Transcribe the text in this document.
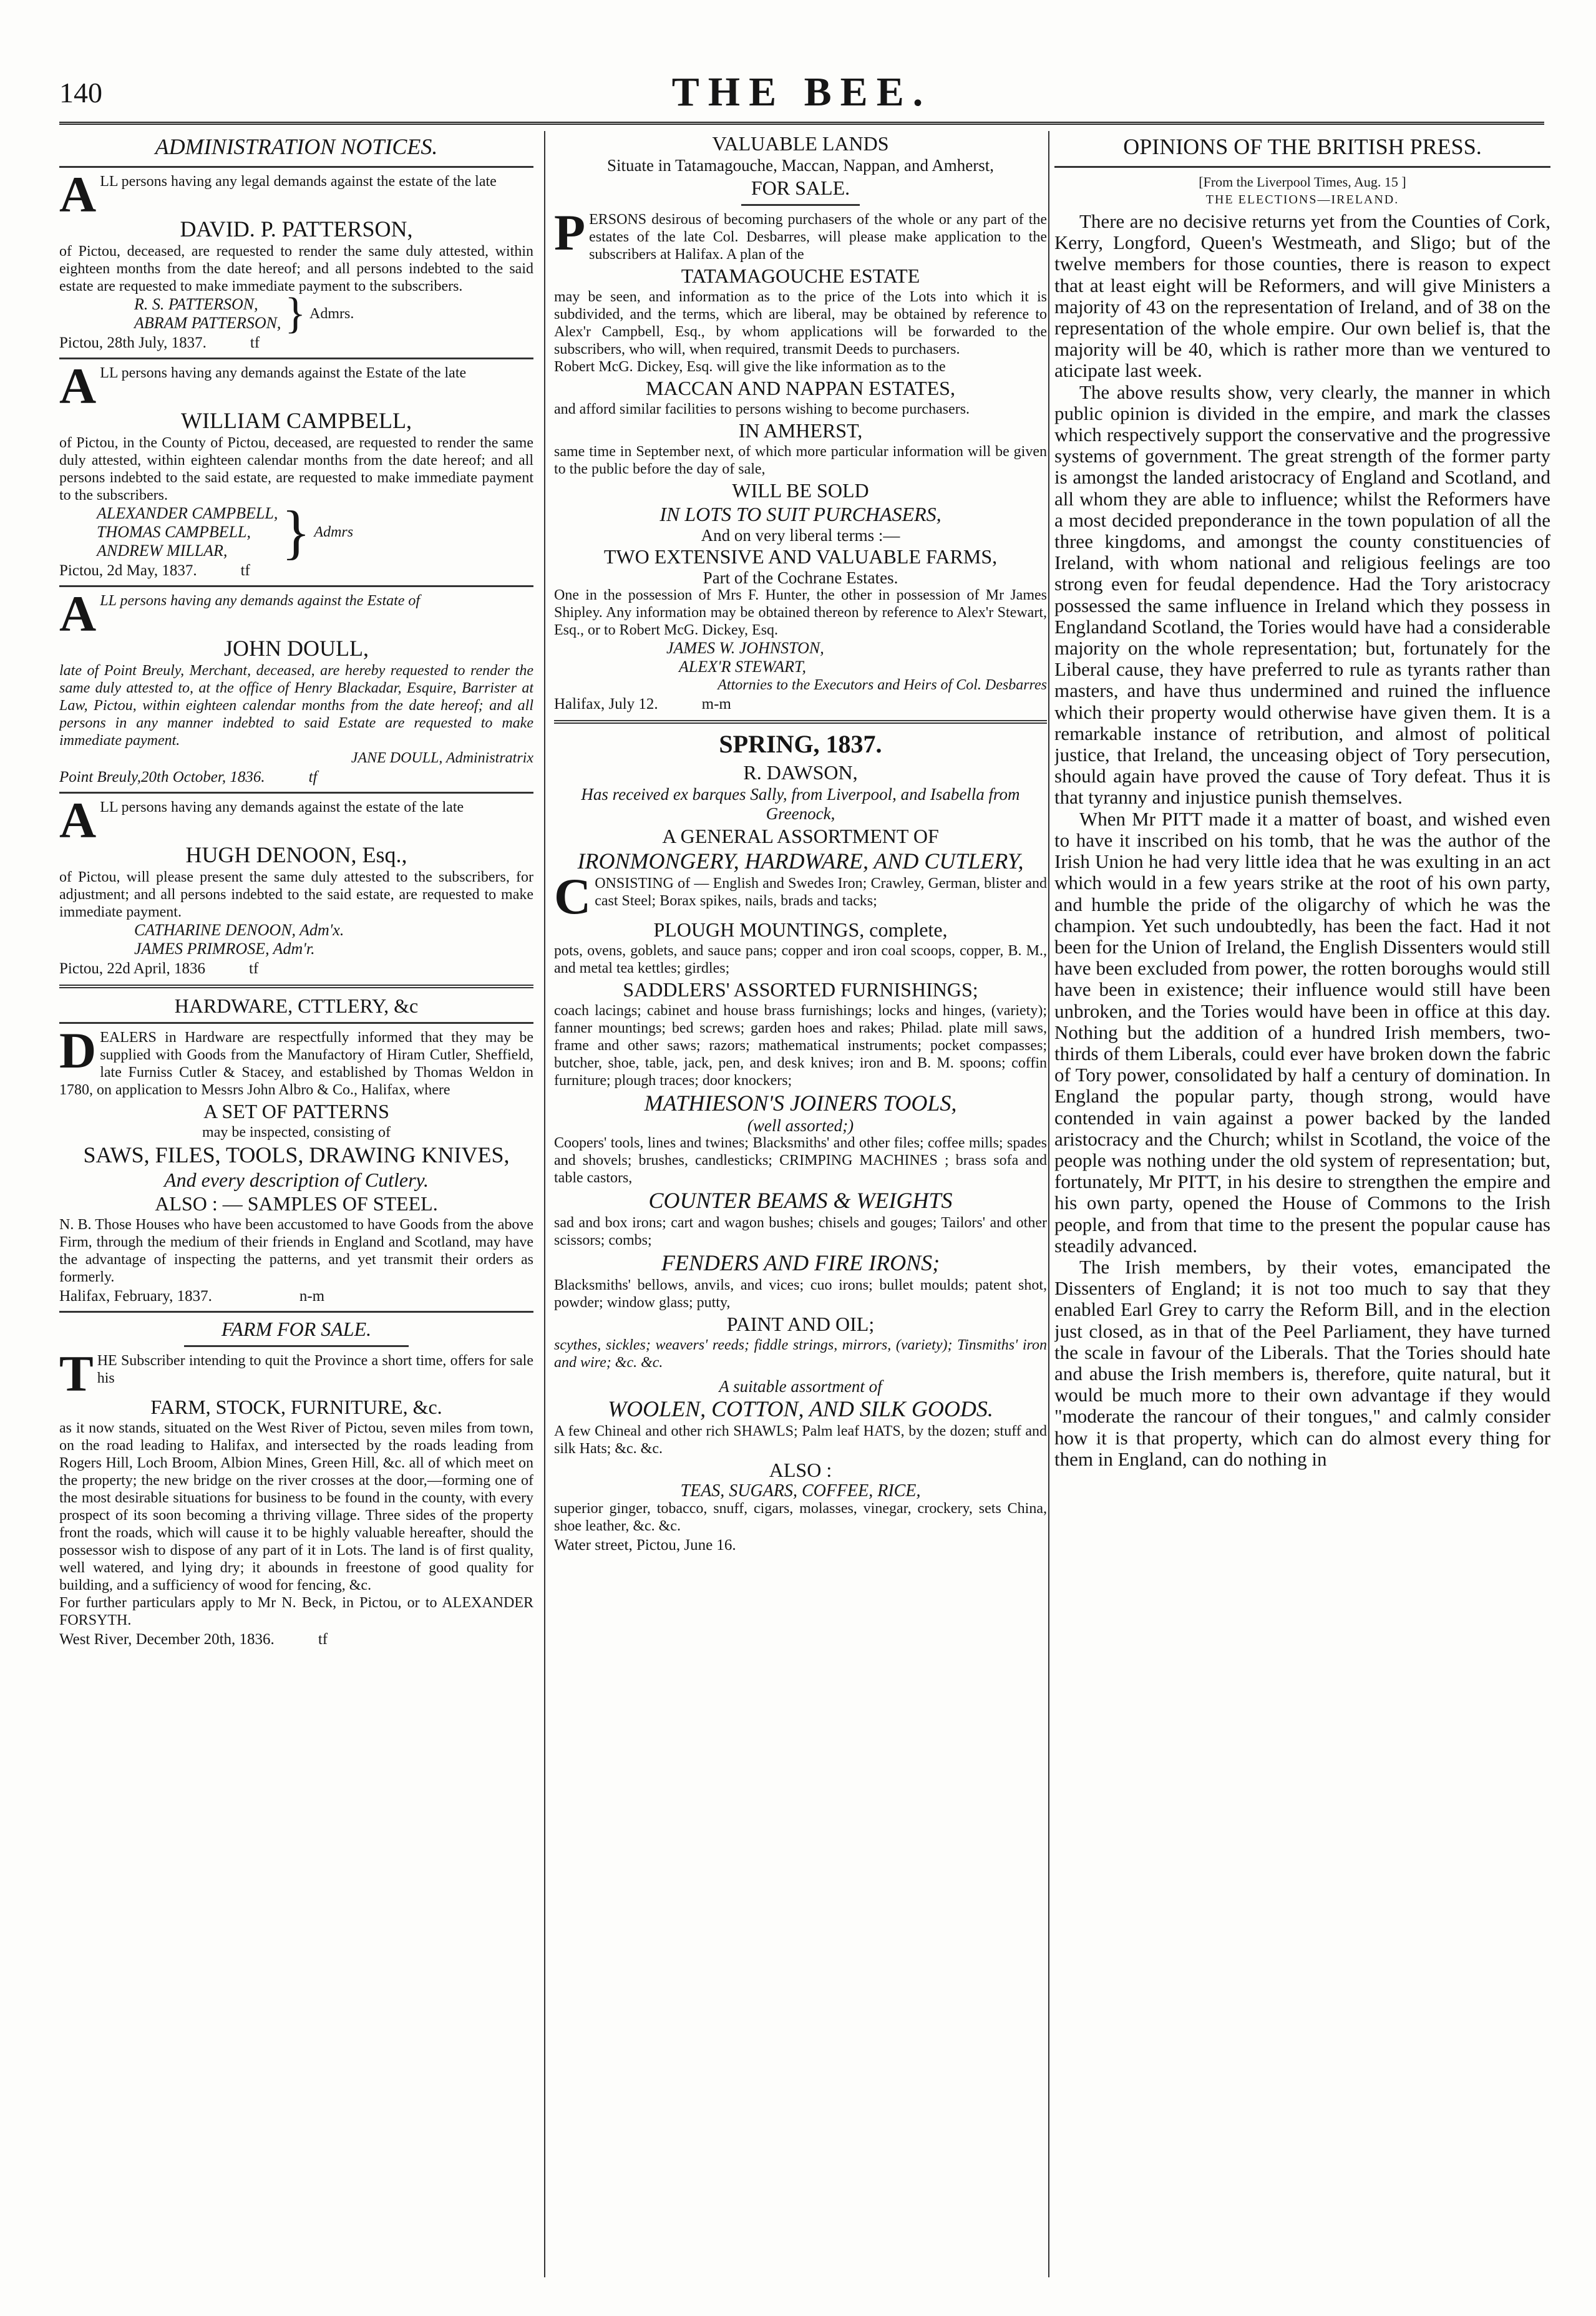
140	THE BEE.
ADMINISTRATION NOTICES.

ALL persons having any legal demands against the estate of the late

DAVID. P. PATTERSON,

of Pictou, deceased, are requested to render the same duly attested, within eighteen months from the date hereof; and all persons indebted to the said estate are requested to make immediate payment to the subscribers.

R. S. PATTERSON,
ABRAM PATTERSON, } Admrs.
Pictou, 28th July, 1837.	tf

ALL persons having any demands against the Estate of the late

WILLIAM CAMPBELL,

of Pictou, in the County of Pictou, deceased, are requested to render the same duly attested, within eighteen calendar months from the date hereof; and all persons indebted to the said estate, are requested to make immediate payment to the subscribers.

ALEXANDER CAMPBELL,
THOMAS CAMPBELL,
ANDREW MILLAR, } Admrs
Pictou, 2d May, 1837.	tf

ALL persons having any demands against the Estate of

JOHN DOULL,

late of Point Breuly, Merchant, deceased, are hereby requested to render the same duly attested to, at the office of Henry Blackadar, Esquire, Barrister at Law, Pictou, within eighteen calendar months from the date hereof; and all persons in any manner indebted to said Estate are requested to make immediate payment.

JANE DOULL, Administratrix
Point Breuly,20th October, 1836.	tf

ALL persons having any demands against the estate of the late

HUGH DENOON, Esq.,

of Pictou, will please present the same duly attested to the subscribers, for adjustment; and all persons indebted to the said estate, are requested to make immediate payment.

CATHARINE DENOON, Adm'x.
JAMES PRIMROSE, Adm'r.
Pictou, 22d April, 1836	tf
HARDWARE, CTTLERY, &c

DEALERS in Hardware are respectfully informed that they may be supplied with Goods from the Manufactory of Hiram Cutler, Sheffield, late Furniss Cutler & Stacey, and established by Thomas Weldon in 1780, on application to Messrs John Albro & Co., Halifax, where

A SET OF PATTERNS
may be inspected, consisting of
SAWS, FILES, TOOLS, DRAWING KNIVES,
And every description of Cutlery.
ALSO : — SAMPLES OF STEEL.

N. B. Those Houses who have been accustomed to have Goods from the above Firm, through the medium of their friends in England and Scotland, may have the advantage of inspecting the patterns, and yet transmit their orders as formerly.

Halifax, February, 1837.	n-m
FARM FOR SALE.

THE Subscriber intending to quit the Province a short time, offers for sale his

FARM, STOCK, FURNITURE, &c.

as it now stands, situated on the West River of Pictou, seven miles from town, on the road leading to Halifax, and intersected by the roads leading from Rogers Hill, Loch Broom, Albion Mines, Green Hill, &c. all of which meet on the property; the new bridge on the river crosses at the door,—forming one of the most desirable situations for business to be found in the county, with every prospect of its soon becoming a thriving village. Three sides of the property front the roads, which will cause it to be highly valuable hereafter, should the possessor wish to dispose of any part of it in Lots. The land is of first quality, well watered, and lying dry; it abounds in freestone of good quality for building, and a sufficiency of wood for fencing, &c.

For further particulars apply to Mr N. Beck, in Pictou, or to ALEXANDER FORSYTH.

West River, December 20th, 1836.	tf
VALUABLE LANDS
Situate in Tatamagouche, Maccan, Nappan, and Amherst,
FOR SALE.

PERSONS desirous of becoming purchasers of the whole or any part of the estates of the late Col. Desbarres, will please make application to the subscribers at Halifax. A plan of the

TATAMAGOUCHE ESTATE

may be seen, and information as to the price of the Lots into which it is subdivided, and the terms, which are liberal, may be obtained by reference to Alex'r Campbell, Esq., by whom applications will be forwarded to the subscribers, who will, when required, transmit Deeds to purchasers.

Robert McG. Dickey, Esq. will give the like information as to the

MACCAN AND NAPPAN ESTATES,

and afford similar facilities to persons wishing to become purchasers.

IN AMHERST,

same time in September next, of which more particular information will be given to the public before the day of sale,

WILL BE SOLD
IN LOTS TO SUIT PURCHASERS,
And on very liberal terms :—
TWO EXTENSIVE AND VALUABLE FARMS,
Part of the Cochrane Estates.

One in the possession of Mrs F. Hunter, the other in possession of Mr James Shipley. Any information may be obtained thereon by reference to Alex'r Stewart, Esq., or to Robert McG. Dickey, Esq.

JAMES W. JOHNSTON,
ALEX'R STEWART,
Attornies to the Executors and Heirs of Col. Desbarres
Halifax, July 12.	m-m
SPRING, 1837.
R. DAWSON,
Has received ex barques Sally, from Liverpool, and Isabella from Greenock,
A GENERAL ASSORTMENT OF
IRONMONGERY, HARDWARE, AND CUTLERY,

CONSISTING of — English and Swedes Iron; Crawley, German, blister and cast Steel; Borax spikes, nails, brads and tacks;

PLOUGH MOUNTINGS, complete,

pots, ovens, goblets, and sauce pans; copper and iron coal scoops, copper, B. M., and metal tea kettles; girdles;

SADDLERS' ASSORTED FURNISHINGS;

coach lacings; cabinet and house brass furnishings; locks and hinges, (variety); fanner mountings; bed screws; garden hoes and rakes; Philad. plate mill saws, frame and other saws; razors; mathematical instruments; pocket compasses; butcher, shoe, table, jack, pen, and desk knives; iron and B. M. spoons; coffin furniture; plough traces; door knockers;

MATHIESON'S JOINERS TOOLS,
(well assorted;)

Coopers' tools, lines and twines; Blacksmiths' and other files; coffee mills; spades and shovels; brushes, candlesticks; CRIMPING MACHINES ; brass sofa and table castors,

COUNTER BEAMS & WEIGHTS

sad and box irons; cart and wagon bushes; chisels and gouges; Tailors' and other scissors; combs;

FENDERS AND FIRE IRONS;

Blacksmiths' bellows, anvils, and vices; cuo irons; bullet moulds; patent shot, powder; window glass; putty,

PAINT AND OIL;

scythes, sickles; weavers' reeds; fiddle strings, mirrors, (variety); Tinsmiths' iron and wire; &c. &c.

A suitable assortment of
WOOLEN, COTTON, AND SILK GOODS.

A few Chineal and other rich SHAWLS; Palm leaf HATS, by the dozen; stuff and silk Hats; &c. &c.

ALSO :
TEAS, SUGARS, COFFEE, RICE,

superior ginger, tobacco, snuff, cigars, molasses, vinegar, crockery, sets China, shoe leather, &c. &c.

Water street, Pictou, June 16.
OPINIONS OF THE BRITISH PRESS.
[From the Liverpool Times, Aug. 15 ]
THE ELECTIONS—IRELAND.

There are no decisive returns yet from the Counties of Cork, Kerry, Longford, Queen's Westmeath, and Sligo; but of the twelve members for those counties, there is reason to expect that at least eight will be Reformers, and will give Ministers a majority of 43 on the representation of Ireland, and of 38 on the representation of the whole empire. Our own belief is, that the majority will be 40, which is rather more than we ventured to aticipate last week.

The above results show, very clearly, the manner in which public opinion is divided in the empire, and mark the classes which respectively support the conservative and the progressive systems of government. The great strength of the former party is amongst the landed aristocracy of England and Scotland, and all whom they are able to influence; whilst the Reformers have a most decided preponderance in the town population of all the three kingdoms, and amongst the county constituencies of Ireland, with whom national and religious feelings are too strong even for feudal dependence. Had the Tory aristocracy possessed the same influence in Ireland which they possess in Englandand Scotland, the Tories would have had a considerable majority on the whole representation; but, fortunately for the Liberal cause, they have preferred to rule as tyrants rather than masters, and have thus undermined and ruined the influence which their property would otherwise have given them. It is a remarkable instance of retribution, and almost of political justice, that Ireland, the unceasing object of Tory persecution, should again have proved the cause of Tory defeat. Thus it is that tyranny and injustice punish themselves.

When Mr PITT made it a matter of boast, and wished even to have it inscribed on his tomb, that he was the author of the Irish Union he had very little idea that he was exulting in an act which would in a few years strike at the root of his own party, and humble the pride of the oligarchy of which he was the champion. Yet such undoubtedly, has been the fact. Had it not been for the Union of Ireland, the English Dissenters would still have been excluded from power, the rotten boroughs would still have been in existence; their influence would still have been unbroken, and the Tories would have been in office at this day. Nothing but the addition of a hundred Irish members, two-thirds of them Liberals, could ever have broken down the fabric of Tory power, consolidated by half a century of domination. In England the popular party, though strong, would have contended in vain against a power backed by the landed aristocracy and the Church; whilst in Scotland, the voice of the people was nothing under the old system of representation; but, fortunately, Mr PITT, in his desire to strengthen the empire and his own party, opened the House of Commons to the Irish people, and from that time to the present the popular cause has steadily advanced.

The Irish members, by their votes, emancipated the Dissenters of England; it is not too much to say that they enabled Earl Grey to carry the Reform Bill, and in the election just closed, as in that of the Peel Parliament, they have turned the scale in favour of the Liberals. That the Tories should hate and abuse the Irish members is, therefore, quite natural, but it would be much more to their own advantage if they would "moderate the rancour of their tongues," and calmly consider how it is that property, which can do almost every thing for them in England, can do nothing in
